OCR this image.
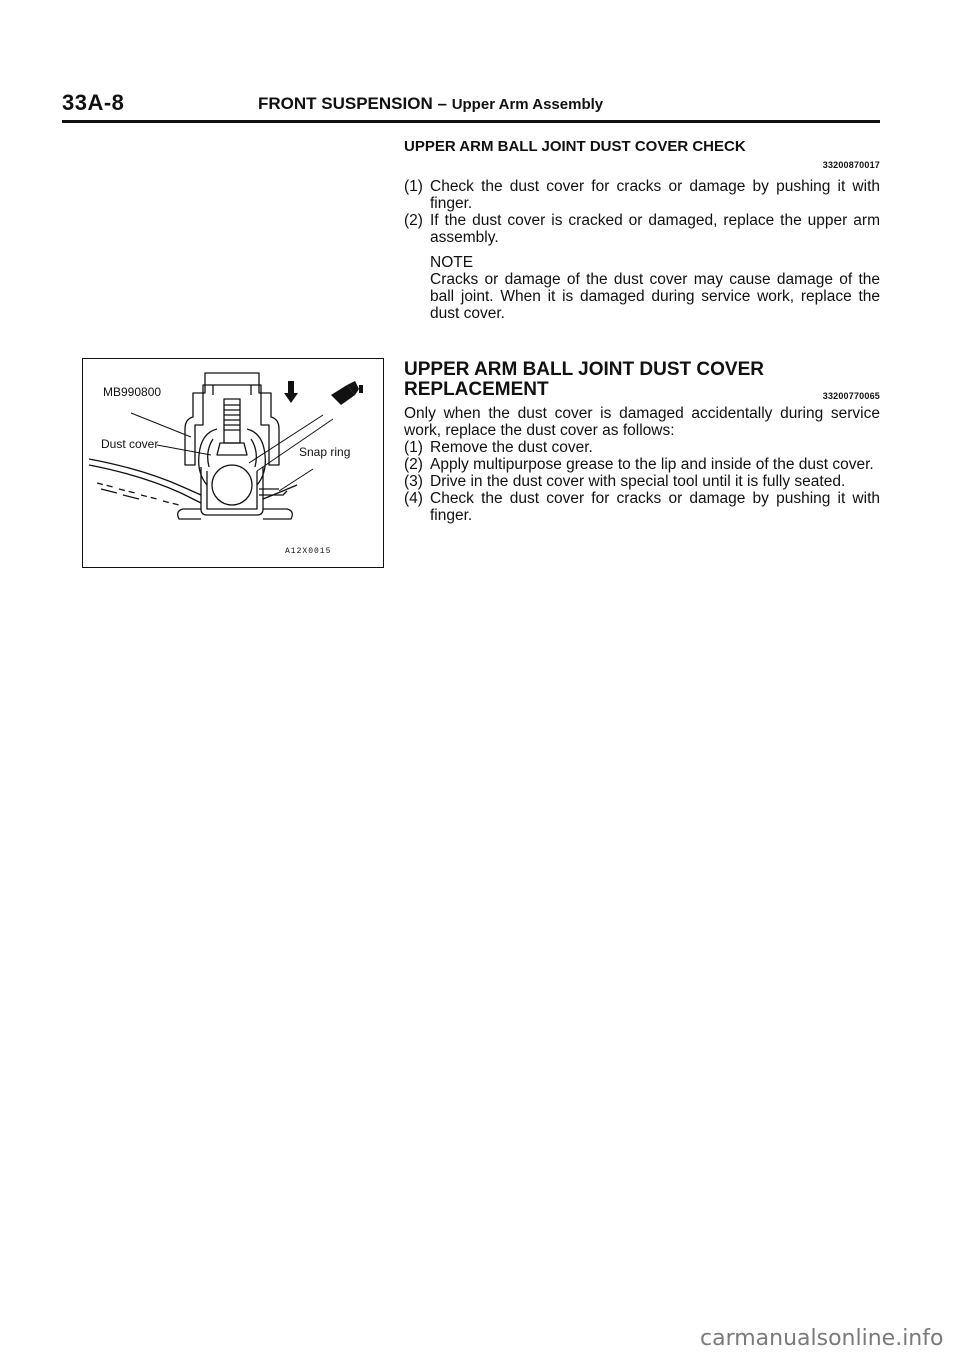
33A-8	FRONT SUSPENSION – Upper Arm Assembly
UPPER ARM BALL JOINT DUST COVER CHECK
33200870017
(1) Check the dust cover for cracks or damage by pushing it with finger.
(2) If the dust cover is cracked or damaged, replace the upper arm assembly.
NOTE
Cracks or damage of the dust cover may cause damage of the ball joint. When it is damaged during service work, replace the dust cover.
UPPER ARM BALL JOINT DUST COVER
REPLACEMENT	33200770065
Only when the dust cover is damaged accidentally during service work, replace the dust cover as follows:
(1) Remove the dust cover.
(2) Apply multipurpose grease to the lip and inside of the dust cover.
(3) Drive in the dust cover with special tool until it is fully seated.
(4) Check the dust cover for cracks or damage by pushing it with finger.
MB990800
Dust cover
Snap ring
A12X0015
carmanualsonline.info
